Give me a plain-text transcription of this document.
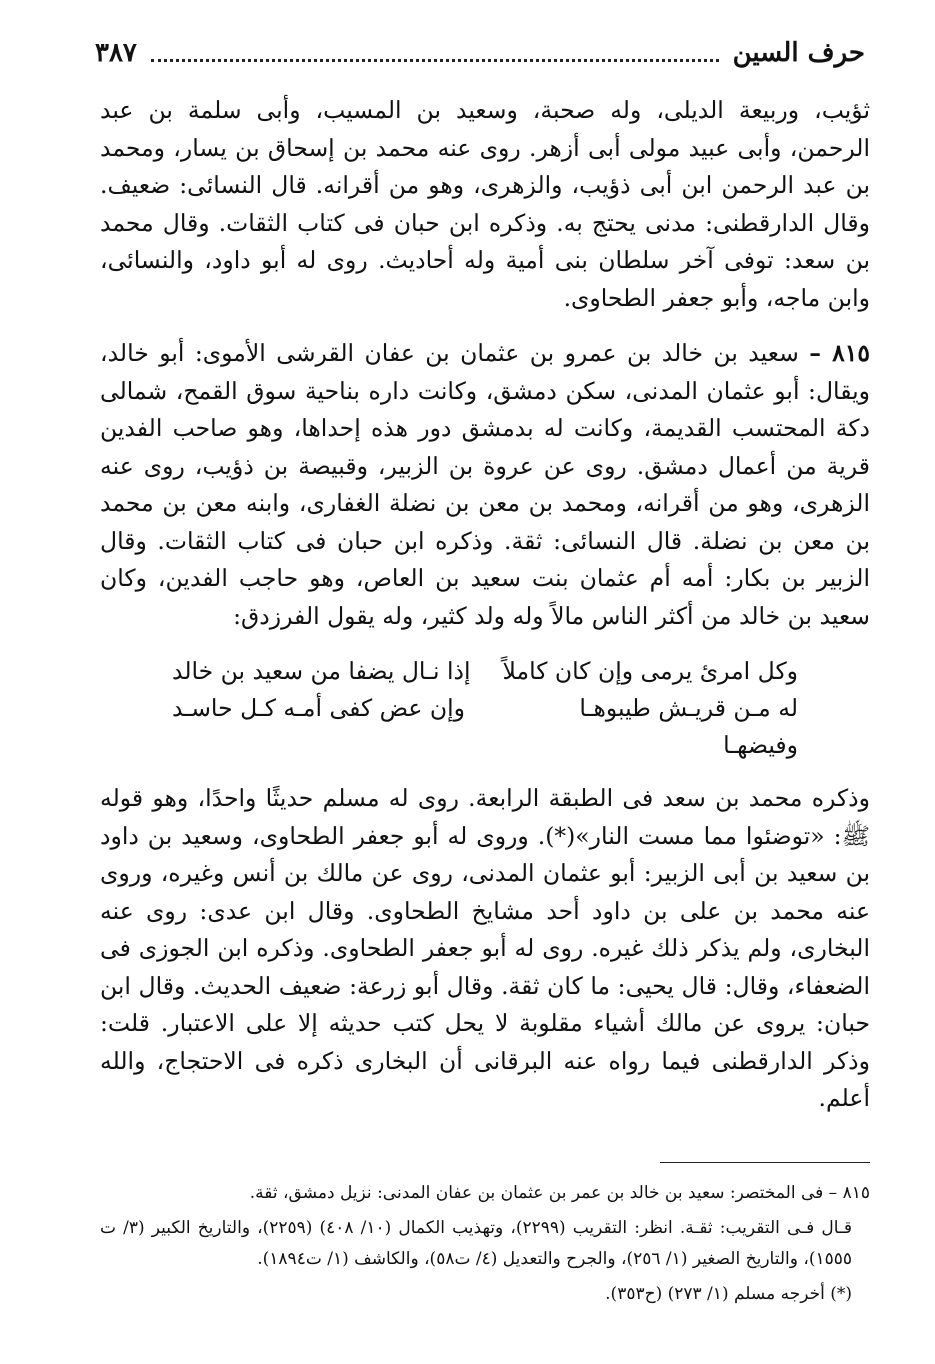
حرف السين
٣٨٧

ثؤيب، وربيعة الديلى، وله صحبة، وسعيد بن المسيب، وأبى سلمة بن عبد الرحمن، وأبى عبيد مولى أبى أزهر. روى عنه محمد بن إسحاق بن يسار، ومحمد بن عبد الرحمن ابن أبى ذؤيب، والزهرى، وهو من أقرانه. قال النسائى: ضعيف. وقال الدارقطنى: مدنى يحتج به. وذكره ابن حبان فى كتاب الثقات. وقال محمد بن سعد: توفى آخر سلطان بنى أمية وله أحاديث. روى له أبو داود، والنسائى، وابن ماجه، وأبو جعفر الطحاوى.

٨١٥ – سعيد بن خالد بن عمرو بن عثمان بن عفان القرشى الأموى: أبو خالد، ويقال: أبو عثمان المدنى، سكن دمشق، وكانت داره بناحية سوق القمح، شمالى دكة المحتسب القديمة، وكانت له بدمشق دور هذه إحداها، وهو صاحب الفدين قرية من أعمال دمشق. روى عن عروة بن الزبير، وقبيصة بن ذؤيب، روى عنه الزهرى، وهو من أقرانه، ومحمد بن معن بن نضلة الغفارى، وابنه معن بن محمد بن معن بن نضلة. قال النسائى: ثقة. وذكره ابن حبان فى كتاب الثقات. وقال الزبير بن بكار: أمه أم عثمان بنت سعيد بن العاص، وهو حاجب الفدين، وكان سعيد بن خالد من أكثر الناس مالاً وله ولد كثير، وله يقول الفرزدق:

وكل امرئ يرمى وإن كان كاملاً
إذا نـال يضفا من سعيد بن خالد
له مـن قريـش طيبوهـا وفيضهـا
وإن عض كفى أمـه كـل حاسـد

وذكره محمد بن سعد فى الطبقة الرابعة. روى له مسلم حديثًا واحدًا، وهو قوله ﷺ: «توضئوا مما مست النار»(*). وروى له أبو جعفر الطحاوى، وسعيد بن داود بن سعيد بن أبى الزبير: أبو عثمان المدنى، روى عن مالك بن أنس وغيره، وروى عنه محمد بن على بن داود أحد مشايخ الطحاوى. وقال ابن عدى: روى عنه البخارى، ولم يذكر ذلك غيره. روى له أبو جعفر الطحاوى. وذكره ابن الجوزى فى الضعفاء، وقال: قال يحيى: ما كان ثقة. وقال أبو زرعة: ضعيف الحديث. وقال ابن حبان: يروى عن مالك أشياء مقلوبة لا يحل كتب حديثه إلا على الاعتبار. قلت: وذكر الدارقطنى فيما رواه عنه البرقانى أن البخارى ذكره فى الاحتجاج، والله أعلم.

٨١٥ – فى المختصر: سعيد بن خالد بن عمر بن عثمان بن عفان المدنى: نزيل دمشق، ثقة.

قـال فـى التقريب: ثقـة. انظر: التقريب (٢٢٩٩)، وتهذيب الكمال (١٠/ ٤٠٨) (٢٢٥٩)، والتاريخ الكبير (٣/ ت ١٥٥٥)، والتاريخ الصغير (١/ ٢٥٦)، والجرح والتعديل (٤/ ت٥٨)، والكاشف (١/ ت١٨٩٤).

(*) أخرجه مسلم (١/ ٢٧٣) (ح٣٥٣).
